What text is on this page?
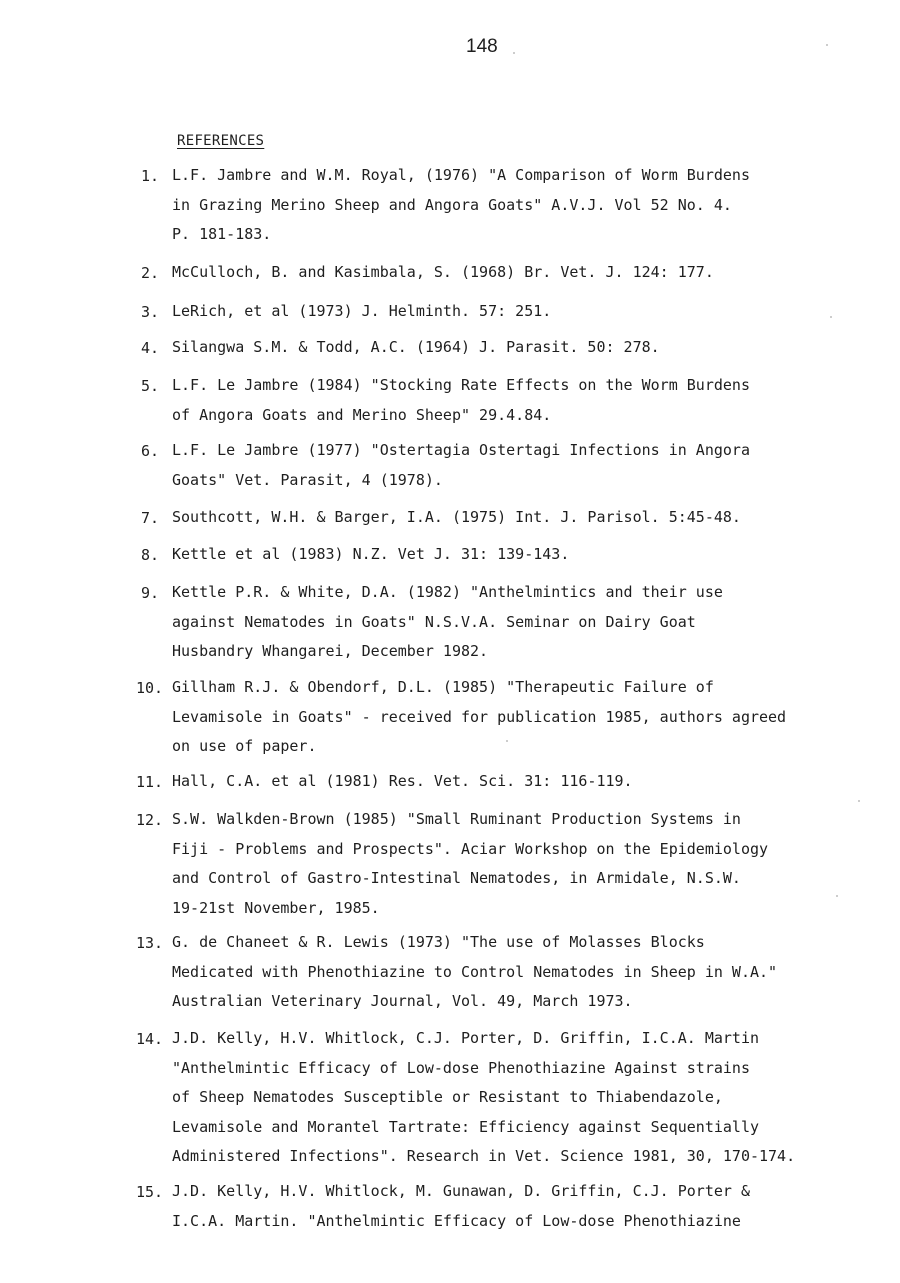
148
REFERENCES
1. L.F. Jambre and W.M. Royal, (1976) "A Comparison of Worm Burdens
in Grazing Merino Sheep and Angora Goats" A.V.J. Vol 52 No. 4.
P. 181-183.
2. McCulloch, B. and Kasimbala, S. (1968) Br. Vet. J. 124: 177.
3. LeRich, et al (1973) J. Helminth. 57: 251.
4. Silangwa S.M. & Todd, A.C. (1964) J. Parasit. 50: 278.
5. L.F. Le Jambre (1984) "Stocking Rate Effects on the Worm Burdens
of Angora Goats and Merino Sheep" 29.4.84.
6. L.F. Le Jambre (1977) "Ostertagia Ostertagi Infections in Angora
Goats" Vet. Parasit, 4 (1978).
7. Southcott, W.H. & Barger, I.A. (1975) Int. J. Parisol. 5:45-48.
8. Kettle et al (1983) N.Z. Vet J. 31: 139-143.
9. Kettle P.R. & White, D.A. (1982) "Anthelmintics and their use
against Nematodes in Goats" N.S.V.A. Seminar on Dairy Goat
Husbandry Whangarei, December 1982.
10. Gillham R.J. & Obendorf, D.L. (1985) "Therapeutic Failure of
Levamisole in Goats" - received for publication 1985, authors agreed
on use of paper.
11. Hall, C.A. et al (1981) Res. Vet. Sci. 31: 116-119.
12. S.W. Walkden-Brown (1985) "Small Ruminant Production Systems in
Fiji - Problems and Prospects". Aciar Workshop on the Epidemiology
and Control of Gastro-Intestinal Nematodes, in Armidale, N.S.W.
19-21st November, 1985.
13. G. de Chaneet & R. Lewis (1973) "The use of Molasses Blocks
Medicated with Phenothiazine to Control Nematodes in Sheep in W.A."
Australian Veterinary Journal, Vol. 49, March 1973.
14. J.D. Kelly, H.V. Whitlock, C.J. Porter, D. Griffin, I.C.A. Martin
"Anthelmintic Efficacy of Low-dose Phenothiazine Against strains
of Sheep Nematodes Susceptible or Resistant to Thiabendazole,
Levamisole and Morantel Tartrate: Efficiency against Sequentially
Administered Infections". Research in Vet. Science 1981, 30, 170-174.
15. J.D. Kelly, H.V. Whitlock, M. Gunawan, D. Griffin, C.J. Porter &
I.C.A. Martin. "Anthelmintic Efficacy of Low-dose Phenothiazine
